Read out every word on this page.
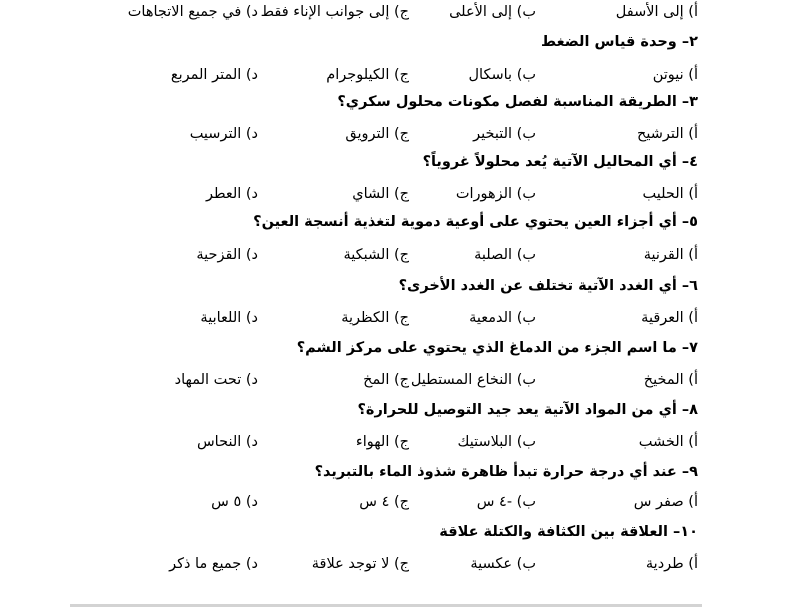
أ) إلى الأسفل
ب) إلى الأعلى
ج) إلى جوانب الإناء فقط
د) في جميع الاتجاهات
٢– وحدة قياس الضغط
أ) نيوتن
ب) باسكال
ج) الكيلوجرام
د) المتر المربع
٣– الطريقة المناسبة لفصل مكونات محلول سكري؟
أ) الترشيح
ب) التبخير
ج) الترويق
د) الترسيب
٤– أي المحاليل الآتية يُعد محلولاً غروياً؟
أ) الحليب
ب) الزهورات
ج) الشاي
د) العطر
٥– أي أجزاء العين يحتوي على أوعية دموية لتغذية أنسجة العين؟
أ) القرنية
ب) الصلبة
ج) الشبكية
د) القزحية
٦– أي الغدد الآتية تختلف عن الغدد الأخرى؟
أ) العرقية
ب) الدمعية
ج) الكظرية
د) اللعابية
٧– ما اسم الجزء من الدماغ الذي يحتوي على مركز الشم؟
أ) المخيخ
ب) النخاع المستطيل
ج) المخ
د) تحت المهاد
٨– أي من المواد الآتية يعد جيد التوصيل للحرارة؟
أ) الخشب
ب) البلاستيك
ج) الهواء
د) النحاس
٩– عند أي درجة حرارة تبدأ ظاهرة شذوذ الماء بالتبريد؟
أ) صفر س
ب) -٤ س
ج) ٤ س
د) ٥ س
١٠– العلاقة بين الكثافة والكتلة علاقة
أ) طردية
ب) عكسية
ج) لا توجد علاقة
د) جميع ما ذكر
